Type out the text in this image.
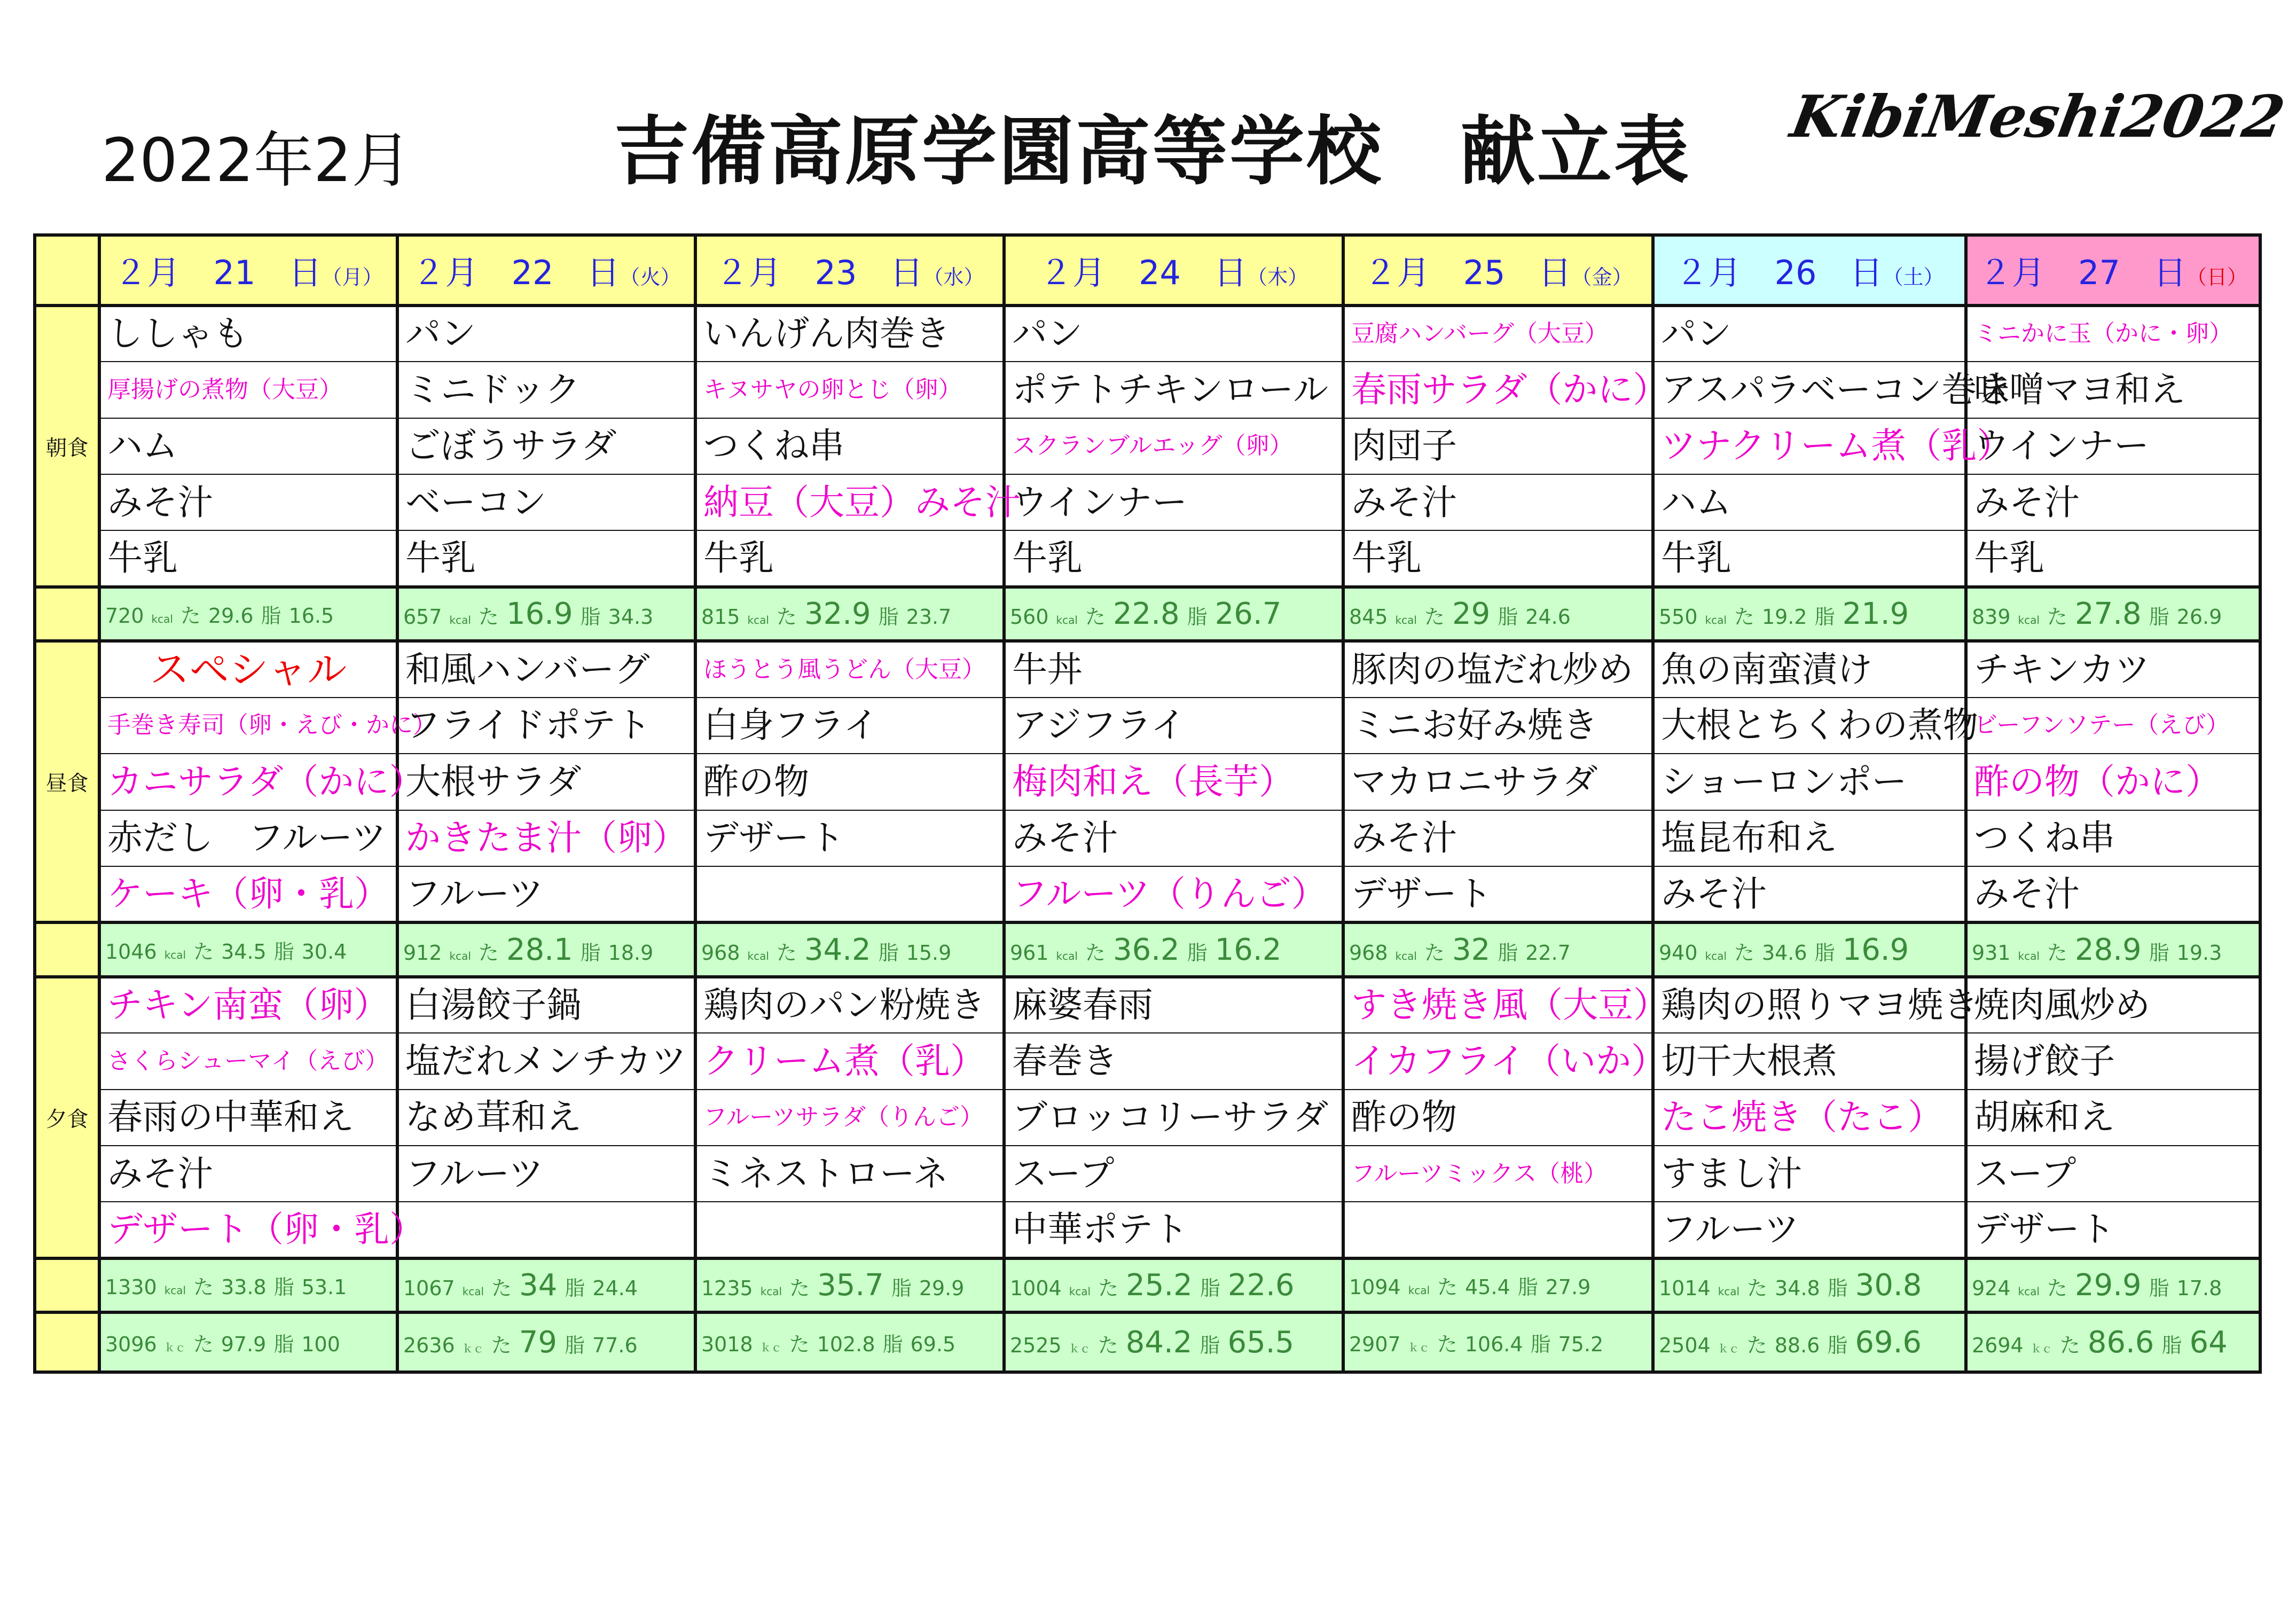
2022年2月	吉備高原学園高等学校　献立表 KibiMeshi2022
	２月　21　日（月）	２月　22　日（火）	２月　23　日（水）	２月　24　日（木）	２月　25　日（金）	２月　26　日（土）	２月　27　日（日）
朝食	ししゃも	パン	いんげん肉巻き	パン	豆腐ハンバーグ（大豆）	パン	ミニかに玉（かに・卵）
	厚揚げの煮物（大豆）	ミニドック	キヌサヤの卵とじ（卵）	ポテトチキンロール	春雨サラダ（かに）	アスパラベーコン巻き	味噌マヨ和え
	ハム	ごぼうサラダ	つくね串	スクランブルエッグ（卵）	肉団子	ツナクリーム煮（乳）	ウインナー
	みそ汁	ベーコン	納豆（大豆）みそ汁	ウインナー	みそ汁	ハム	みそ汁
	牛乳	牛乳	牛乳	牛乳	牛乳	牛乳	牛乳
	720 kcal た 29.6 脂 16.5	657 kcal た 16.9 脂 34.3	815 kcal た 32.9 脂 23.7	560 kcal た 22.8 脂 26.7	845 kcal た 29 脂 24.6	550 kcal た 19.2 脂 21.9	839 kcal た 27.8 脂 26.9
昼食	スペシャル	和風ハンバーグ	ほうとう風うどん（大豆）	牛丼	豚肉の塩だれ炒め	魚の南蛮漬け	チキンカツ
	手巻き寿司（卵・えび・かに）	フライドポテト	白身フライ	アジフライ	ミニお好み焼き	大根とちくわの煮物	ビーフンソテー（えび）
	カニサラダ（かに）	大根サラダ	酢の物	梅肉和え（長芋）	マカロニサラダ	ショーロンポー	酢の物（かに）
	赤だし　フルーツ	かきたま汁（卵）	デザート	みそ汁	みそ汁	塩昆布和え	つくね串
	ケーキ（卵・乳）	フルーツ		フルーツ（りんご）	デザート	みそ汁	みそ汁
	1046 kcal た 34.5 脂 30.4	912 kcal た 28.1 脂 18.9	968 kcal た 34.2 脂 15.9	961 kcal た 36.2 脂 16.2	968 kcal た 32 脂 22.7	940 kcal た 34.6 脂 16.9	931 kcal た 28.9 脂 19.3
夕食	チキン南蛮（卵）	白湯餃子鍋	鶏肉のパン粉焼き	麻婆春雨	すき焼き風（大豆）	鶏肉の照りマヨ焼き	焼肉風炒め
	さくらシューマイ（えび）	塩だれメンチカツ	クリーム煮（乳）	春巻き	イカフライ（いか）	切干大根煮	揚げ餃子
	春雨の中華和え	なめ茸和え	フルーツサラダ（りんご）	ブロッコリーサラダ	酢の物	たこ焼き（たこ）	胡麻和え
	みそ汁	フルーツ	ミネストローネ	スープ	フルーツミックス（桃）	すまし汁	スープ
	デザート（卵・乳）			中華ポテト		フルーツ	デザート
	1330 kcal た 33.8 脂 53.1	1067 kcal た 34 脂 24.4	1235 kcal た 35.7 脂 29.9	1004 kcal た 25.2 脂 22.6	1094 kcal た 45.4 脂 27.9	1014 kcal た 34.8 脂 30.8	924 kcal た 29.9 脂 17.8
	3096 ｋｃ た 97.9 脂 100	2636 ｋｃ た 79 脂 77.6	3018 ｋｃ た 102.8 脂 69.5	2525 ｋｃ た 84.2 脂 65.5	2907 ｋｃ た 106.4 脂 75.2	2504 ｋｃ た 88.6 脂 69.6	2694 ｋｃ た 86.6 脂 64
